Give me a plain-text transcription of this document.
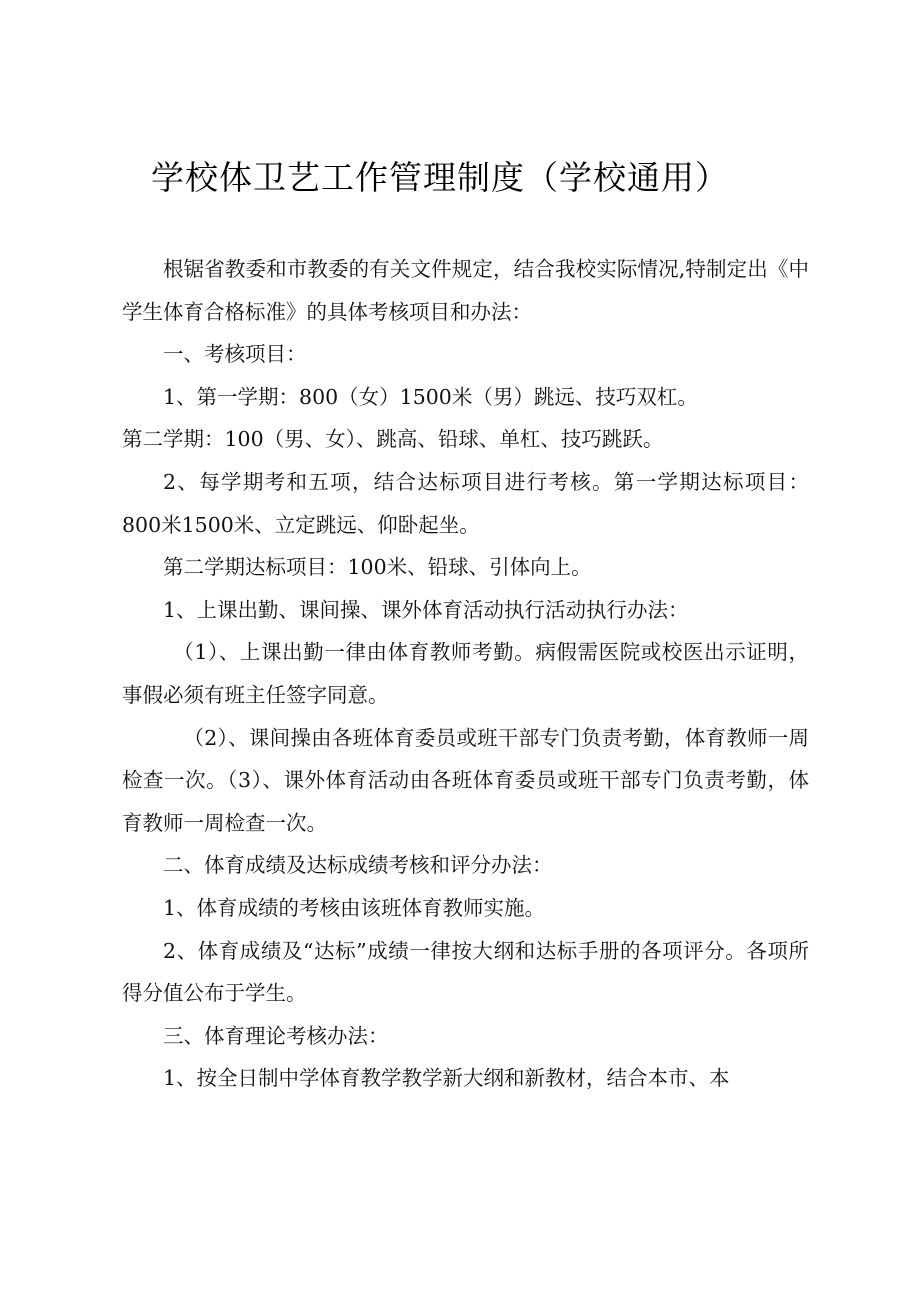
学校体卫艺工作管理制度（学校通用）

根锯省教委和市教委的有关文件规定，结合我校实际情况,特制定出《中学生体育合格标准》的具体考核项目和办法：

一、考核项目：

1、第一学期：800（女）1500米（男）跳远、技巧双杠。

第二学期：100（男、女）、跳高、铅球、单杠、技巧跳跃。

2、每学期考和五项，结合达标项目进行考核。第一学期达标项目：800米1500米、立定跳远、仰卧起坐。

第二学期达标项目：100米、铅球、引体向上。

1、上课出勤、课间操、课外体育活动执行活动执行办法：

（1）、上课出勤一律由体育教师考勤。病假需医院或校医出示证明，事假必须有班主任签字同意。

（2）、课间操由各班体育委员或班干部专门负责考勤，体育教师一周检查一次。（3）、课外体育活动由各班体育委员或班干部专门负责考勤，体育教师一周检查一次。

二、体育成绩及达标成绩考核和评分办法：

1、体育成绩的考核由该班体育教师实施。

2、体育成绩及“达标”成绩一律按大纲和达标手册的各项评分。各项所得分值公布于学生。

三、体育理论考核办法：

1、按全日制中学体育教学教学新大纲和新教材，结合本市、本
